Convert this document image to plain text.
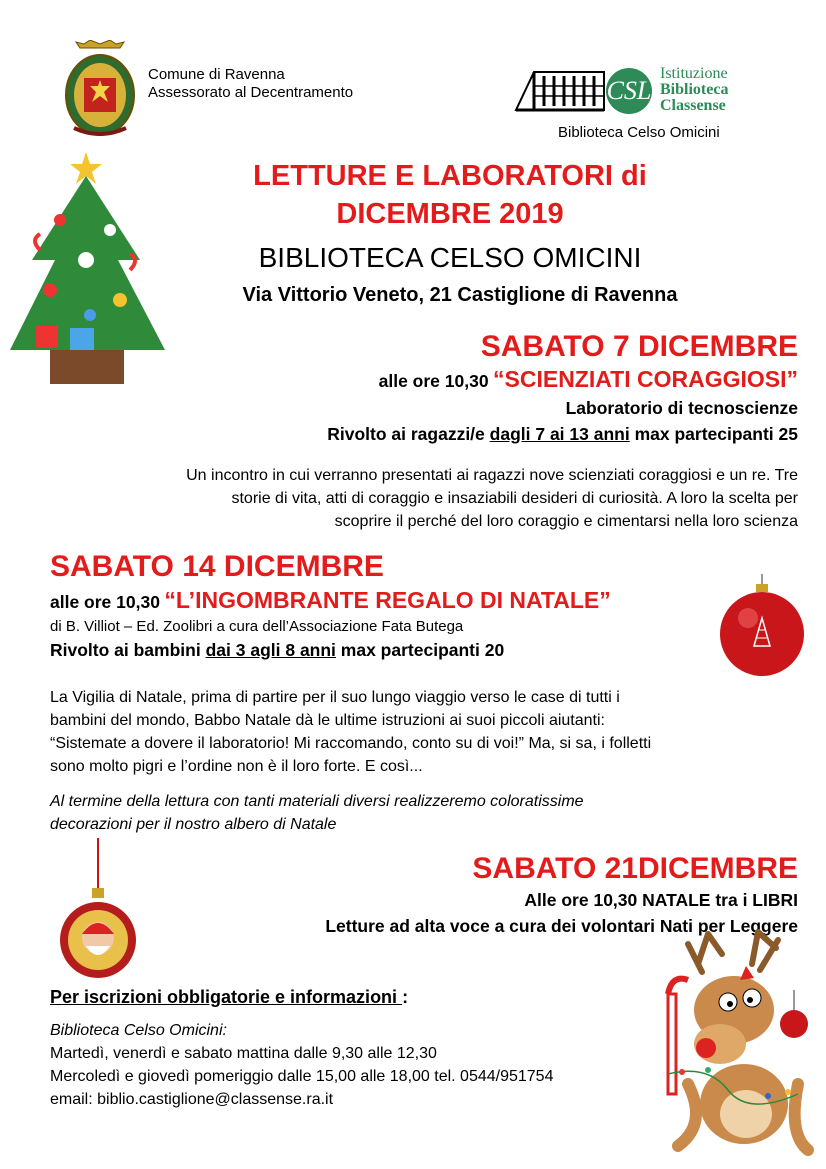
Comune di Ravenna
Assessorato al Decentramento	CSL
Istituzione
Biblioteca
Classense
Biblioteca Celso Omicini
LETTURE E LABORATORI di
DICEMBRE 2019
BIBLIOTECA CELSO OMICINI
Via Vittorio Veneto, 21 Castiglione di Ravenna
SABATO 7 DICEMBRE
alle ore 10,30 “SCIENZIATI CORAGGIOSI”
Laboratorio di tecnoscienze
Rivolto ai ragazzi/e dagli 7 ai 13 anni max partecipanti 25
Un incontro in cui verranno presentati ai ragazzi nove scienziati coraggiosi e un re. Tre
storie di vita, atti di coraggio e insaziabili desideri di curiosità. A loro la scelta per
scoprire il perché del loro coraggio e cimentarsi nella loro scienza
SABATO 14 DICEMBRE
alle ore 10,30 “L’INGOMBRANTE REGALO DI NATALE”
di B. Villiot – Ed. Zoolibri a cura dell’Associazione Fata Butega
Rivolto ai bambini dai 3 agli 8 anni max partecipanti 20
La Vigilia di Natale, prima di partire per il suo lungo viaggio verso le case di tutti i
bambini del mondo, Babbo Natale dà le ultime istruzioni ai suoi piccoli aiutanti:
“Sistemate a dovere il laboratorio! Mi raccomando, conto su di voi!” Ma, si sa, i folletti
sono molto pigri e l’ordine non è il loro forte. E così...
Al termine della lettura con tanti materiali diversi realizzeremo coloratissime
decorazioni per il nostro albero di Natale
SABATO 21DICEMBRE
Alle ore 10,30 NATALE tra i LIBRI
Letture ad alta voce a cura dei volontari Nati per Leggere
Per iscrizioni obbligatorie e informazioni :
Biblioteca Celso Omicini:
Martedì, venerdì e sabato mattina dalle 9,30 alle 12,30
Mercoledì e giovedì pomeriggio dalle 15,00 alle 18,00 tel. 0544/951754
email: biblio.castiglione@classense.ra.it
